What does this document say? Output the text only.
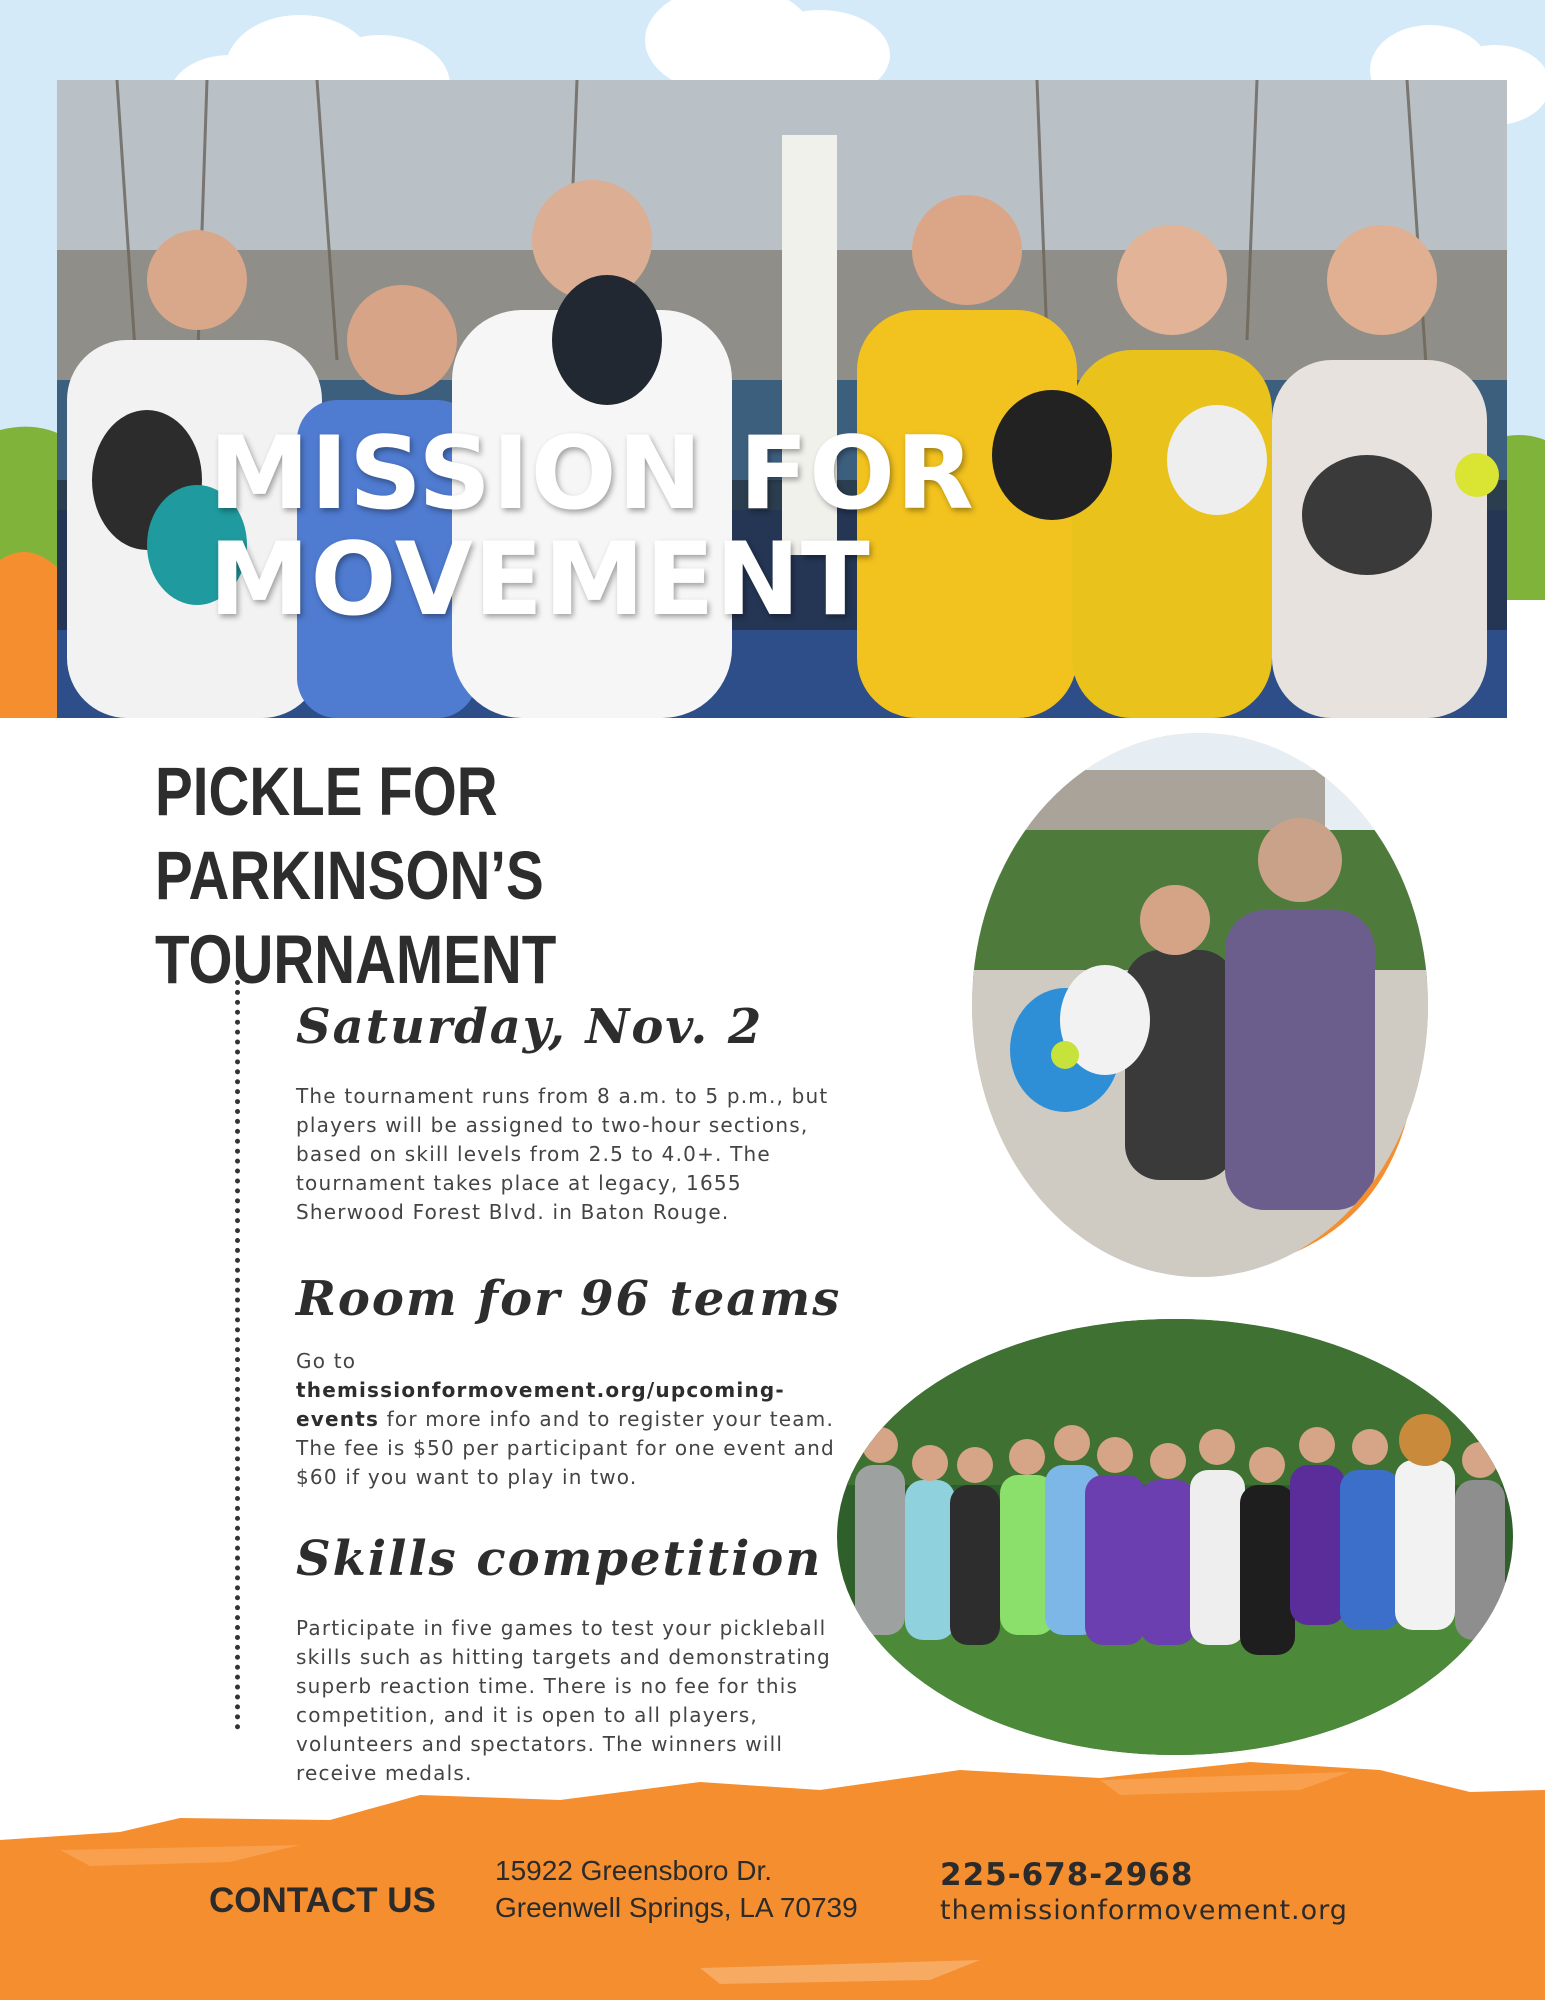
MISSION FOR
MOVEMENT
PICKLE FOR PARKINSON’S
TOURNAMENT
Saturday, Nov. 2

The tournament runs from 8 a.m. to 5 p.m., but players will be assigned to two-hour sections, based on skill levels from 2.5 to 4.0+. The tournament takes place at legacy, 1655 Sherwood Forest Blvd. in Baton Rouge.

Room for 96 teams

Go to
themissionformovement.org/upcoming-events for more info and to register your team. The fee is $50 per participant for one event and $60 if you want to play in two.

Skills competition

Participate in five games to test your pickleball skills such as hitting targets and demonstrating superb reaction time. There is no fee for this competition, and it is open to all players, volunteers and spectators. The winners will receive medals.

CONTACT US
15922 Greensboro Dr.
Greenwell Springs, LA 70739
225-678-2968
themissionformovement.org
